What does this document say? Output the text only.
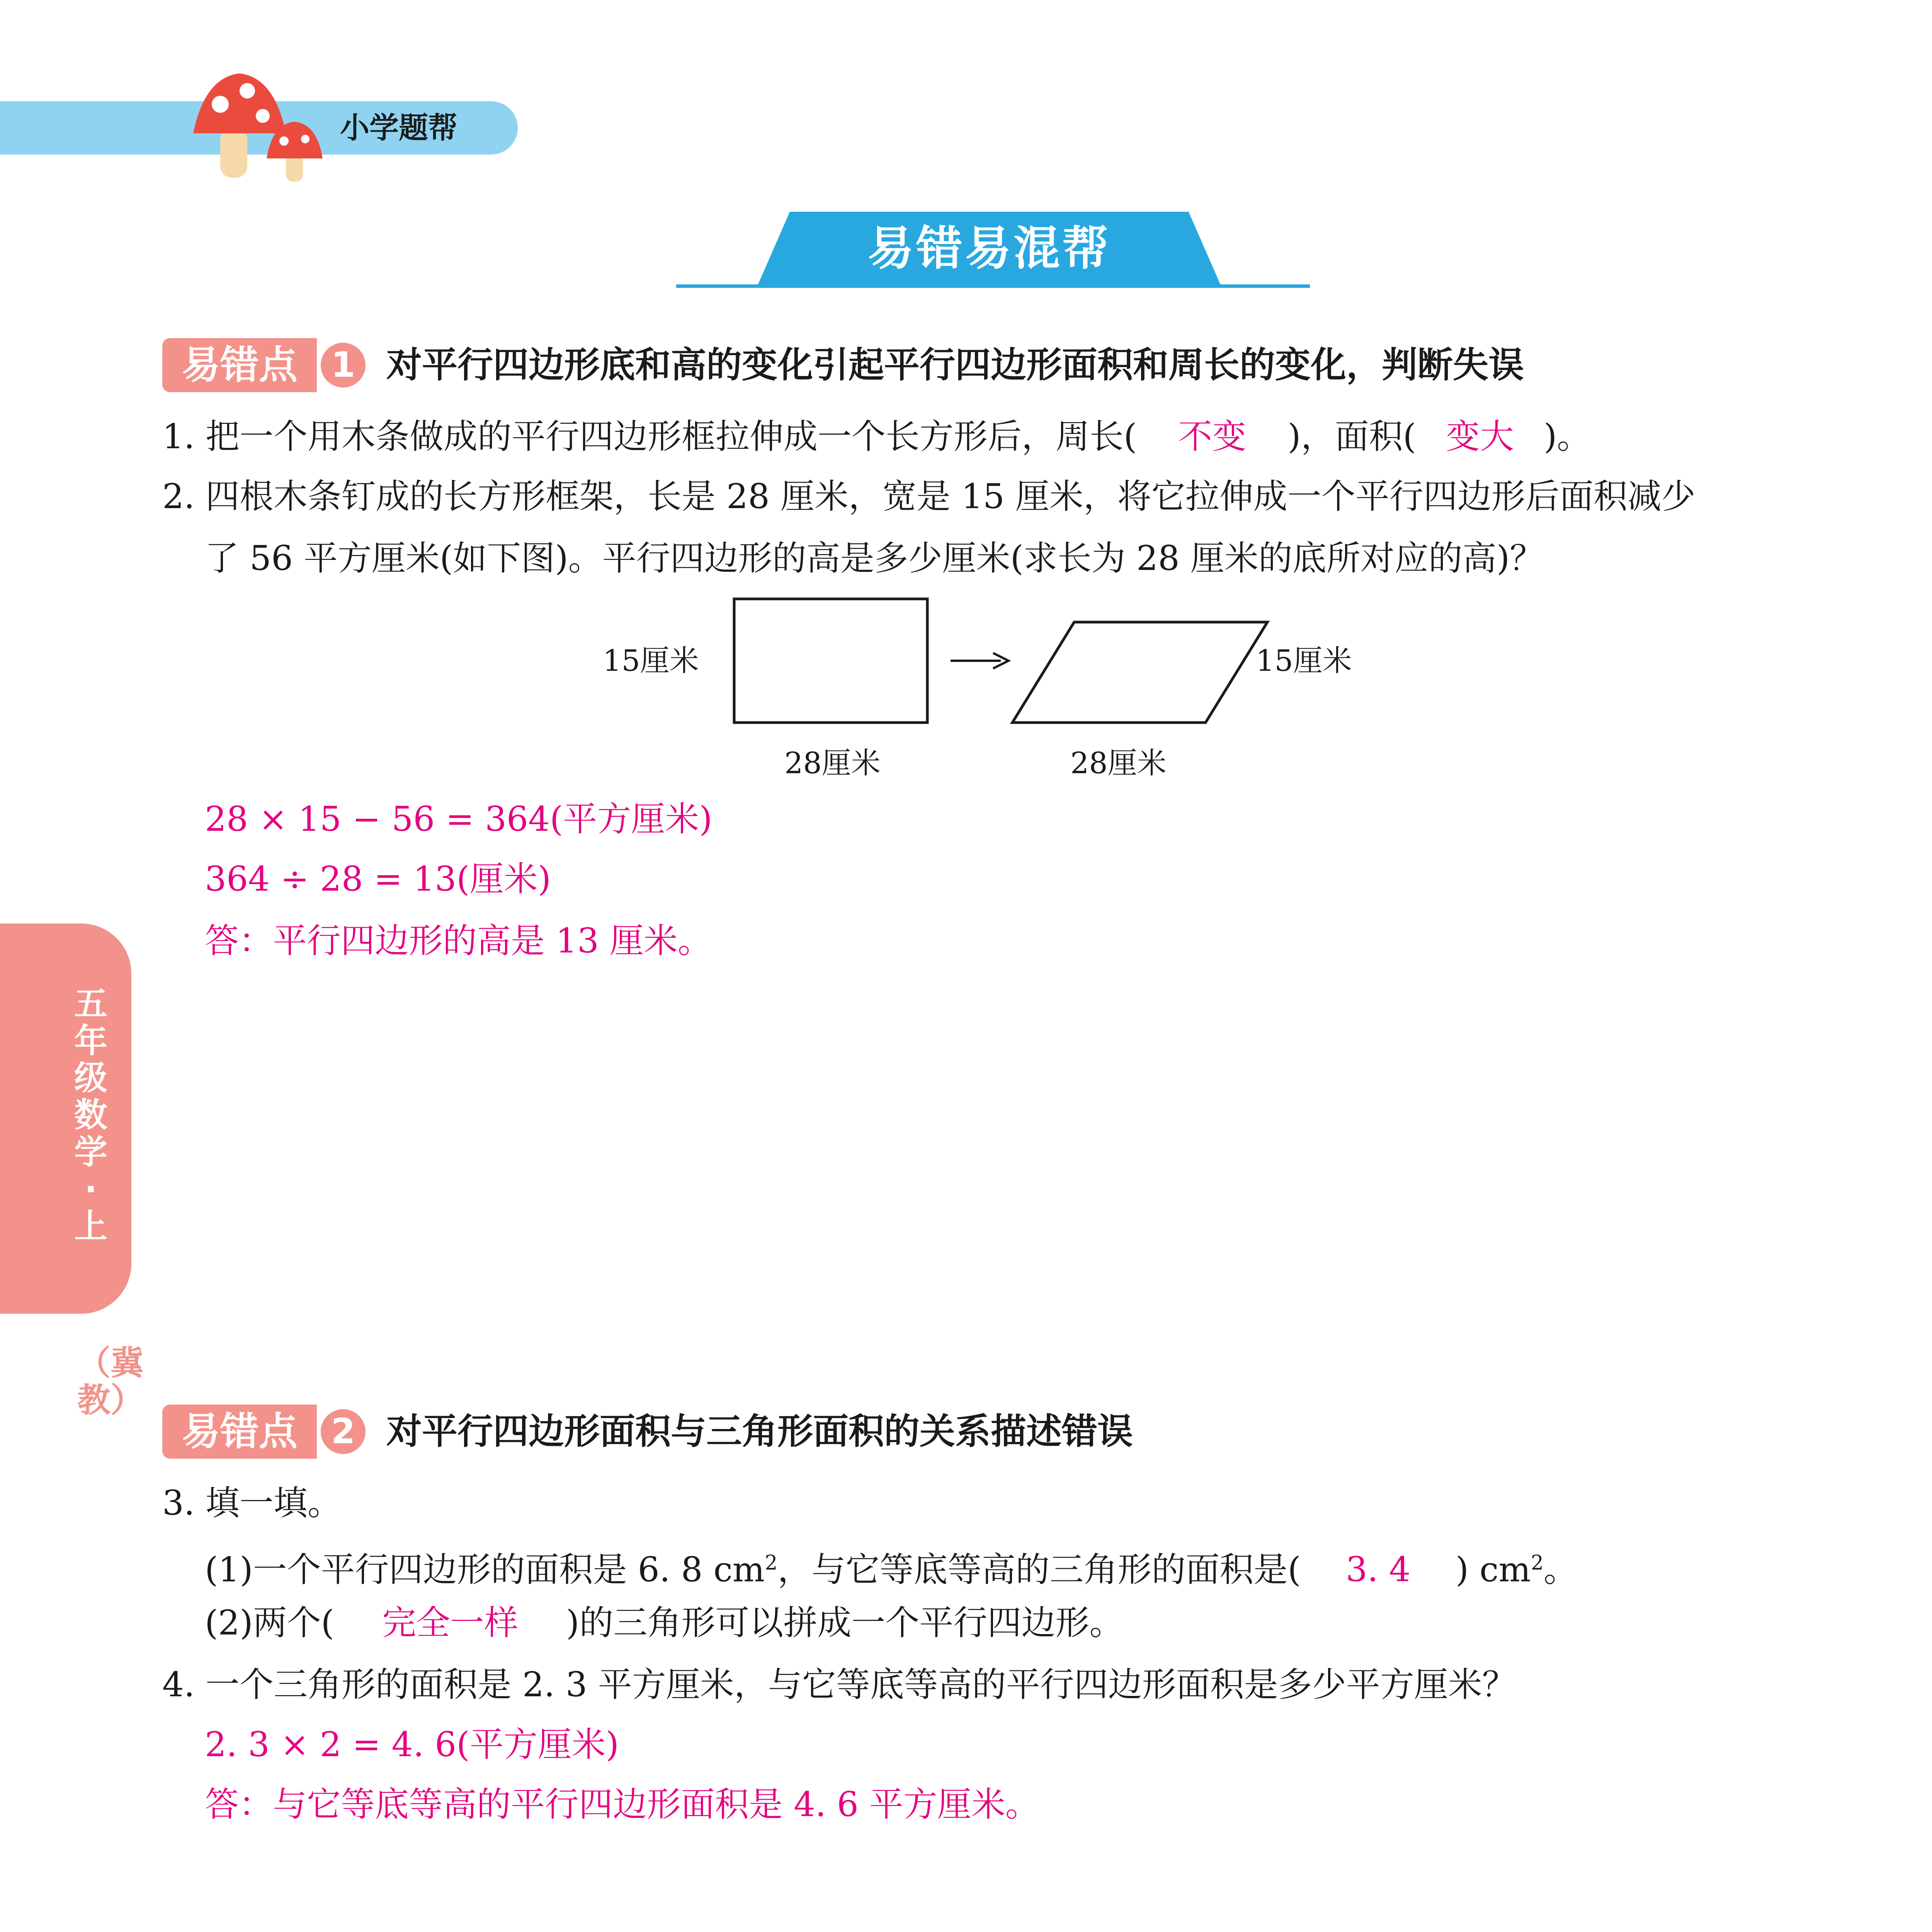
小学题帮
易错易混帮
五年级数学·上
（冀教）
易错点 1 对平行四边形底和高的变化引起平行四边形面积和周长的变化，判断失误
1. 把一个用木条做成的平行四边形框拉伸成一个长方形后，周长( 不变 )，面积( 变大 )。
2. 四根木条钉成的长方形框架，长是 28 厘米，宽是 15 厘米，将它拉伸成一个平行四边形后面积减少
了 56 平方厘米(如下图)。平行四边形的高是多少厘米(求长为 28 厘米的底所对应的高)？
15厘米
28厘米
15厘米
28厘米
28 × 15 − 56 = 364(平方厘米)
364 ÷ 28 = 13(厘米)
答：平行四边形的高是 13 厘米。
易错点 2 对平行四边形面积与三角形面积的关系描述错误
3. 填一填。
(1)一个平行四边形的面积是 6. 8 $cm^2$，与它等底等高的三角形的面积是( 3. 4 ) $cm^2$。
(2)两个( 完全一样 )的三角形可以拼成一个平行四边形。
4. 一个三角形的面积是 2. 3 平方厘米，与它等底等高的平行四边形面积是多少平方厘米？
2. 3 × 2 = 4. 6(平方厘米)
答：与它等底等高的平行四边形面积是 4. 6 平方厘米。
